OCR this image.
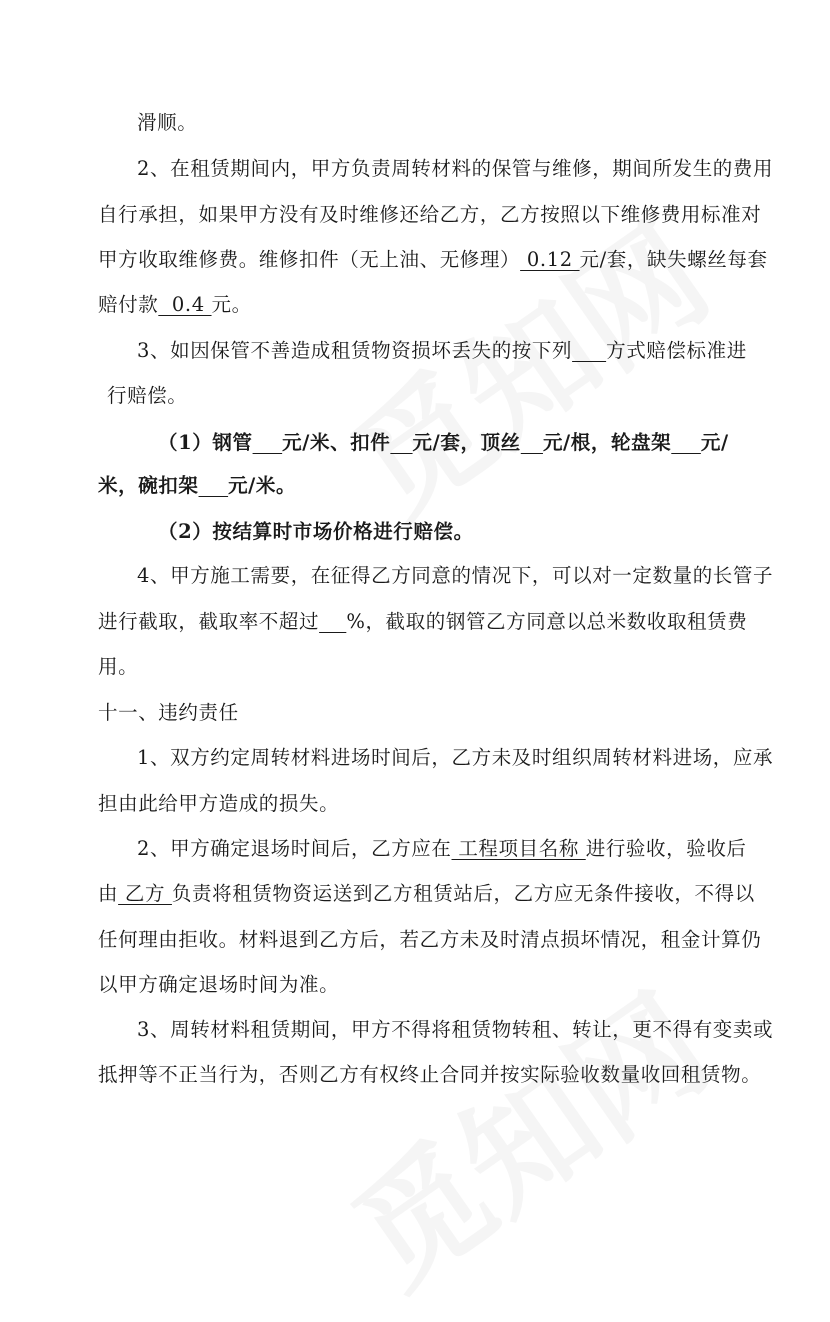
滑顺。
2、在租赁期间内，甲方负责周转材料的保管与维修，期间所发生的费用
自行承担，如果甲方没有及时维修还给乙方，乙方按照以下维修费用标准对
甲方收取维修费。维修扣件（无上油、无修理） 0.12 元/套，缺失螺丝每套
赔付款  0.4 元。
3、如因保管不善造成租赁物资损坏丢失的按下列 方式赔偿标准进
行赔偿。
（1）钢管 元/米、扣件 元/套，顶丝 元/根，轮盘架 元/
米，碗扣架 元/米。
（2）按结算时市场价格进行赔偿。
4、甲方施工需要，在征得乙方同意的情况下，可以对一定数量的长管子
进行截取，截取率不超过 %，截取的钢管乙方同意以总米数收取租赁费
用。
十一、违约责任
1、双方约定周转材料进场时间后，乙方未及时组织周转材料进场，应承
担由此给甲方造成的损失。
2、甲方确定退场时间后，乙方应在 工程项目名称 进行验收，验收后
由 乙方 负责将租赁物资运送到乙方租赁站后，乙方应无条件接收，不得以
任何理由拒收。材料退到乙方后，若乙方未及时清点损坏情况，租金计算仍
以甲方确定退场时间为准。
3、周转材料租赁期间，甲方不得将租赁物转租、转让，更不得有变卖或
抵押等不正当行为，否则乙方有权终止合同并按实际验收数量收回租赁物。
